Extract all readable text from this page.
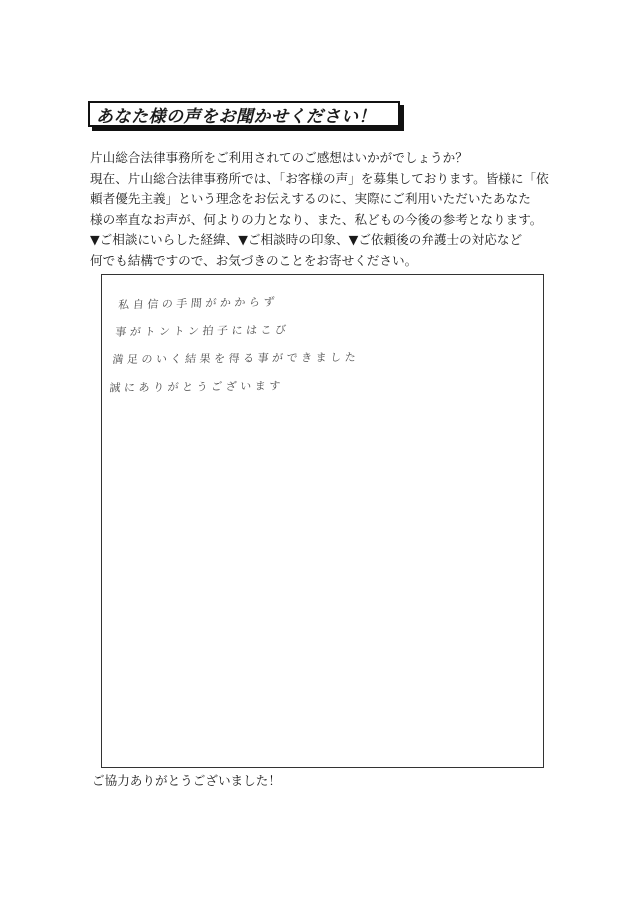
あなた様の声をお聞かせください！

片山総合法律事務所をご利用されてのご感想はいかがでしょうか？

現在、片山総合法律事務所では、「お客様の声」を募集しております。皆様に「依

頼者優先主義」という理念をお伝えするのに、実際にご利用いただいたあなた

様の率直なお声が、何よりの力となり、また、私どもの今後の参考となります。

▼ご相談にいらした経緯、▼ご相談時の印象、▼ご依頼後の弁護士の対応など

何でも結構ですので、お気づきのことをお寄せください。

私自信の手間がかからず
事がトントン拍子にはこび
満足のいく結果を得る事ができました
誠にありがとうございます
ご協力ありがとうございました！
